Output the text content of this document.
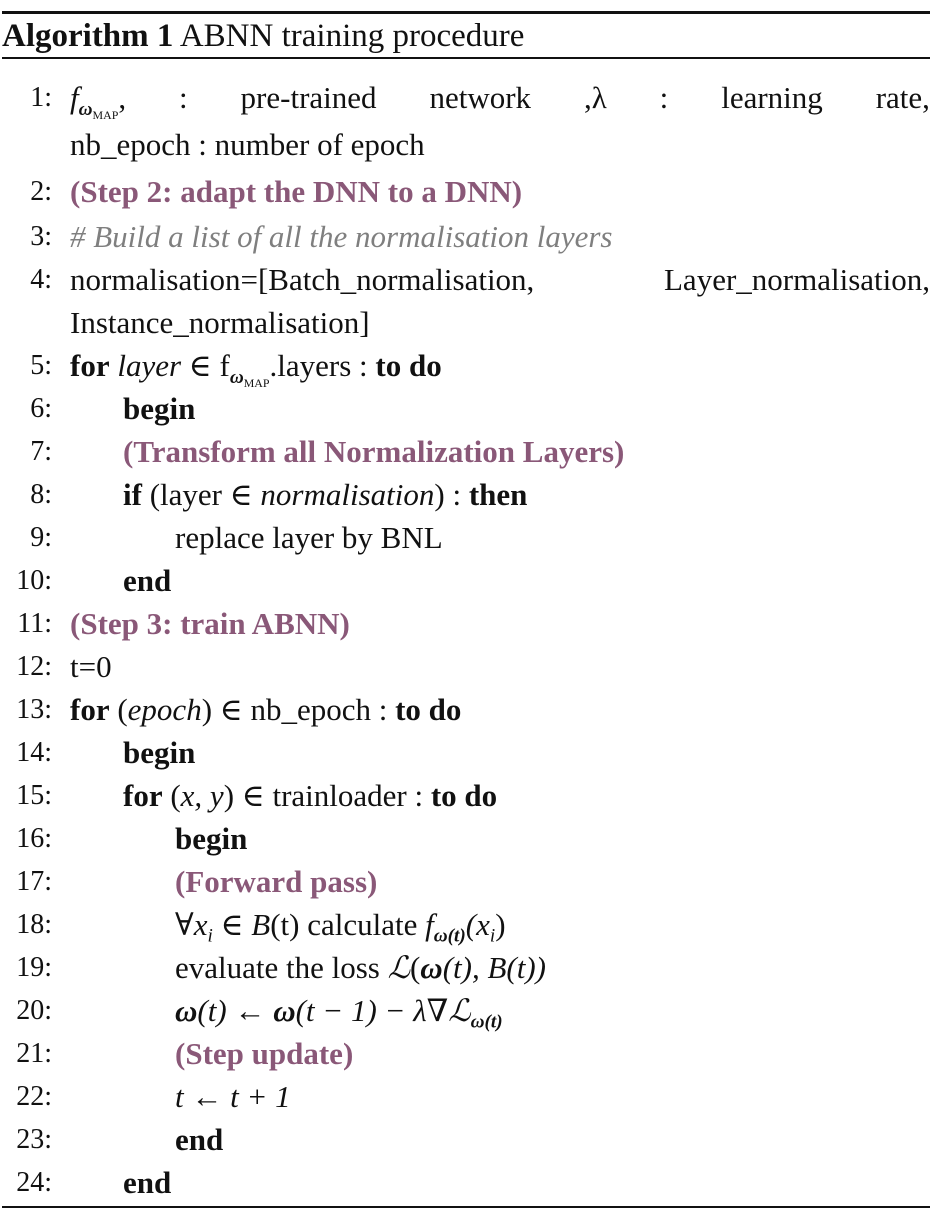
Algorithm 1 ABNN training procedure
1: $f_{\omega_{MAP}}$, : pre-trained network ,λ : learning rate,
nb_epoch : number of epoch
2: (Step 2: adapt the DNN to a DNN)
3: # Build a list of all the normalisation layers
4: normalisation=[Batch_normalisation,	Layer_normalisation,
Instance_normalisation]
5: for layer ∈ $f_{\omega_{MAP}}.layers$ : to do
6: begin
7: (Transform all Normalization Layers)
8: if (layer ∈ normalisation) : then
9:	replace layer by BNL
10: end
11: (Step 3: train ABNN)
12: t=0
13: for (epoch) ∈ nb_epoch : to do
14: begin
15: for (x, y) ∈ trainloader : to do
16:	begin
17:	(Forward pass)
18:	$\forall x_i$ ∈ B(t) calculate $f_{\omega(t)}(x_i)$
19:	evaluate the loss ℒ(ω(t), B(t))
20:	ω(t) ← ω(t − 1) − λ∇ℒ$_{\omega(t)}$
21:	(Step update)
22:	t ← t + 1
23:	end
24: end
